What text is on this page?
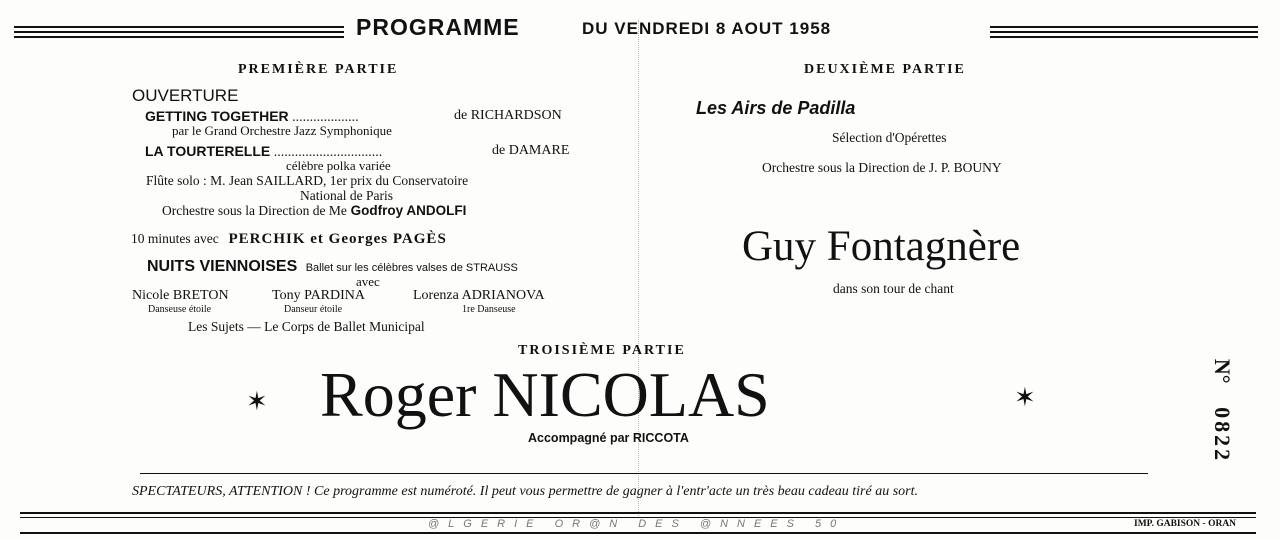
PROGRAMME	DU VENDREDI 8 AOUT 1958
PREMIÈRE PARTIE
OUVERTURE
GETTING TOGETHER ...................	de RICHARDSON
par le Grand Orchestre Jazz Symphonique
LA TOURTERELLE ...............................	de DAMARE
célèbre polka variée
Flûte solo : M. Jean SAILLARD, 1er prix du Conservatoire
National de Paris
Orchestre sous la Direction de Me Godfroy ANDOLFI
10 minutes avec PERCHIK et Georges PAGÈS
NUITS VIENNOISES Ballet sur les célèbres valses de STRAUSS
avec
Nicole BRETON
Danseuse étoile
Tony PARDINA
Danseur étoile
Lorenza ADRIANOVA
1re Danseuse
Les Sujets — Le Corps de Ballet Municipal
DEUXIÈME PARTIE
Les Airs de Padilla
Sélection d'Opérettes
Orchestre sous la Direction de J. P. BOUNY
Guy Fontagnère
dans son tour de chant
TROISIÈME PARTIE
✶ Roger NICOLAS	✶
Accompagné par RICCOTA
N° 0822
SPECTATEURS, ATTENTION ! Ce programme est numéroté. Il peut vous permettre de gagner à l'entr'acte un très beau cadeau tiré au sort.
@LGERIE OR@N DES @NNEES 50	IMP. GABISON - ORAN
